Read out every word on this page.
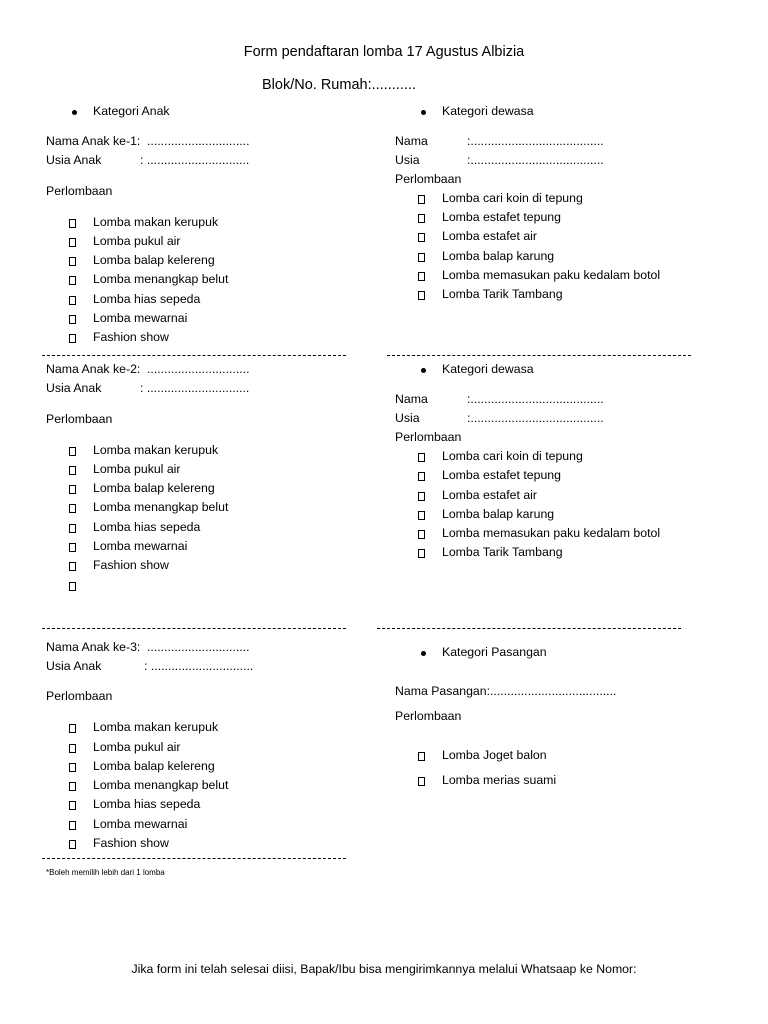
Form pendaftaran lomba 17 Agustus Albizia
Blok/No. Rumah:...........
Kategori Anak
Nama Anak ke-1: ..............................
Usia Anak	: ..............................
Perlombaan
Lomba makan kerupuk
Lomba pukul air
Lomba balap kelereng
Lomba menangkap belut
Lomba hias sepeda
Lomba mewarnai
Fashion show
Kategori dewasa
Nama	:.......................................
Usia	:.......................................
Perlombaan
Lomba cari koin di tepung
Lomba estafet tepung
Lomba estafet air
Lomba balap karung
Lomba memasukan paku kedalam botol
Lomba Tarik Tambang
Nama Anak ke-2: ..............................
Usia Anak	: ..............................
Perlombaan
Lomba makan kerupuk
Lomba pukul air
Lomba balap kelereng
Lomba menangkap belut
Lomba hias sepeda
Lomba mewarnai
Fashion show
Kategori dewasa
Nama	:.......................................
Usia	:.......................................
Perlombaan
Lomba cari koin di tepung
Lomba estafet tepung
Lomba estafet air
Lomba balap karung
Lomba memasukan paku kedalam botol
Lomba Tarik Tambang
Nama Anak ke-3: ..............................
Usia Anak	: ..............................
Perlombaan
Lomba makan kerupuk
Lomba pukul air
Lomba balap kelereng
Lomba menangkap belut
Lomba hias sepeda
Lomba mewarnai
Fashion show
Kategori Pasangan
Nama Pasangan: .....................................
Perlombaan
Lomba Joget balon
Lomba merias suami
*Boleh memilih lebih dari 1 lomba
Jika form ini telah selesai diisi, Bapak/Ibu bisa mengirimkannya melalui Whatsaap ke Nomor:
